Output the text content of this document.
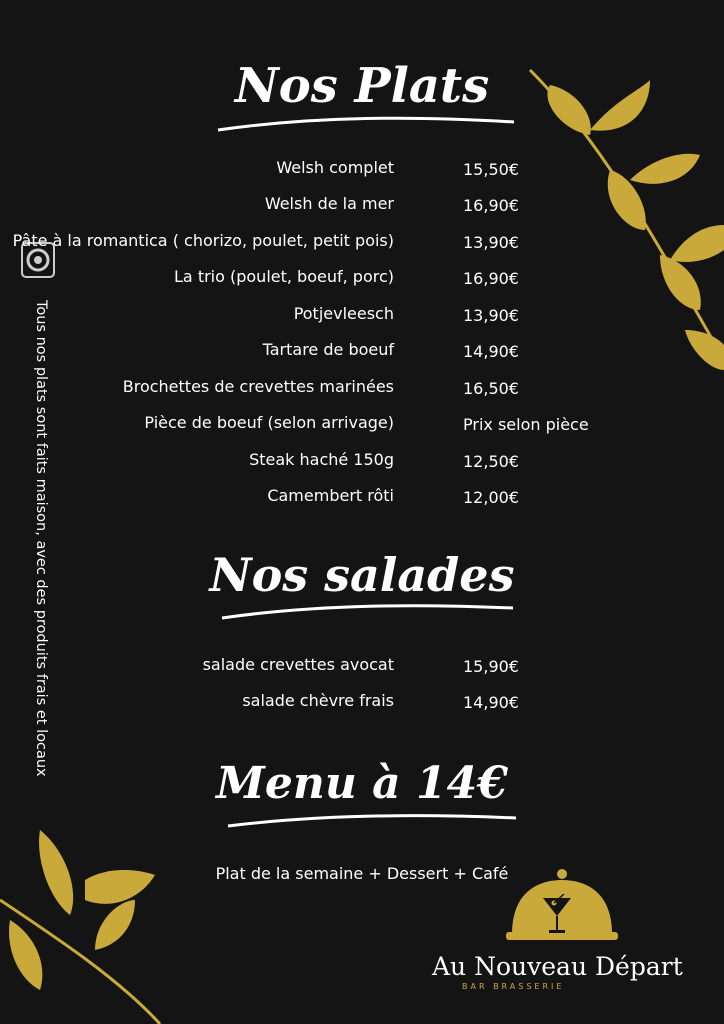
Nos Plats
Welsh complet	15,50€
Welsh de la mer	16,90€
Pâte à la romantica ( chorizo, poulet, petit pois)	13,90€
La trio (poulet, boeuf, porc)	16,90€
Potjevleesch	13,90€
Tartare de boeuf	14,90€
Brochettes de crevettes marinées	16,50€
Pièce de boeuf (selon arrivage)	Prix selon pièce
Steak haché 150g	12,50€
Camembert rôti	12,00€
Nos salades
salade crevettes avocat	15,90€
salade chèvre frais	14,90€
Menu à 14€
Plat de la semaine + Dessert + Café
Tous nos plats sont faits maison, avec des produits frais et locaux
Au Nouveau Départ
BAR BRASSERIE
